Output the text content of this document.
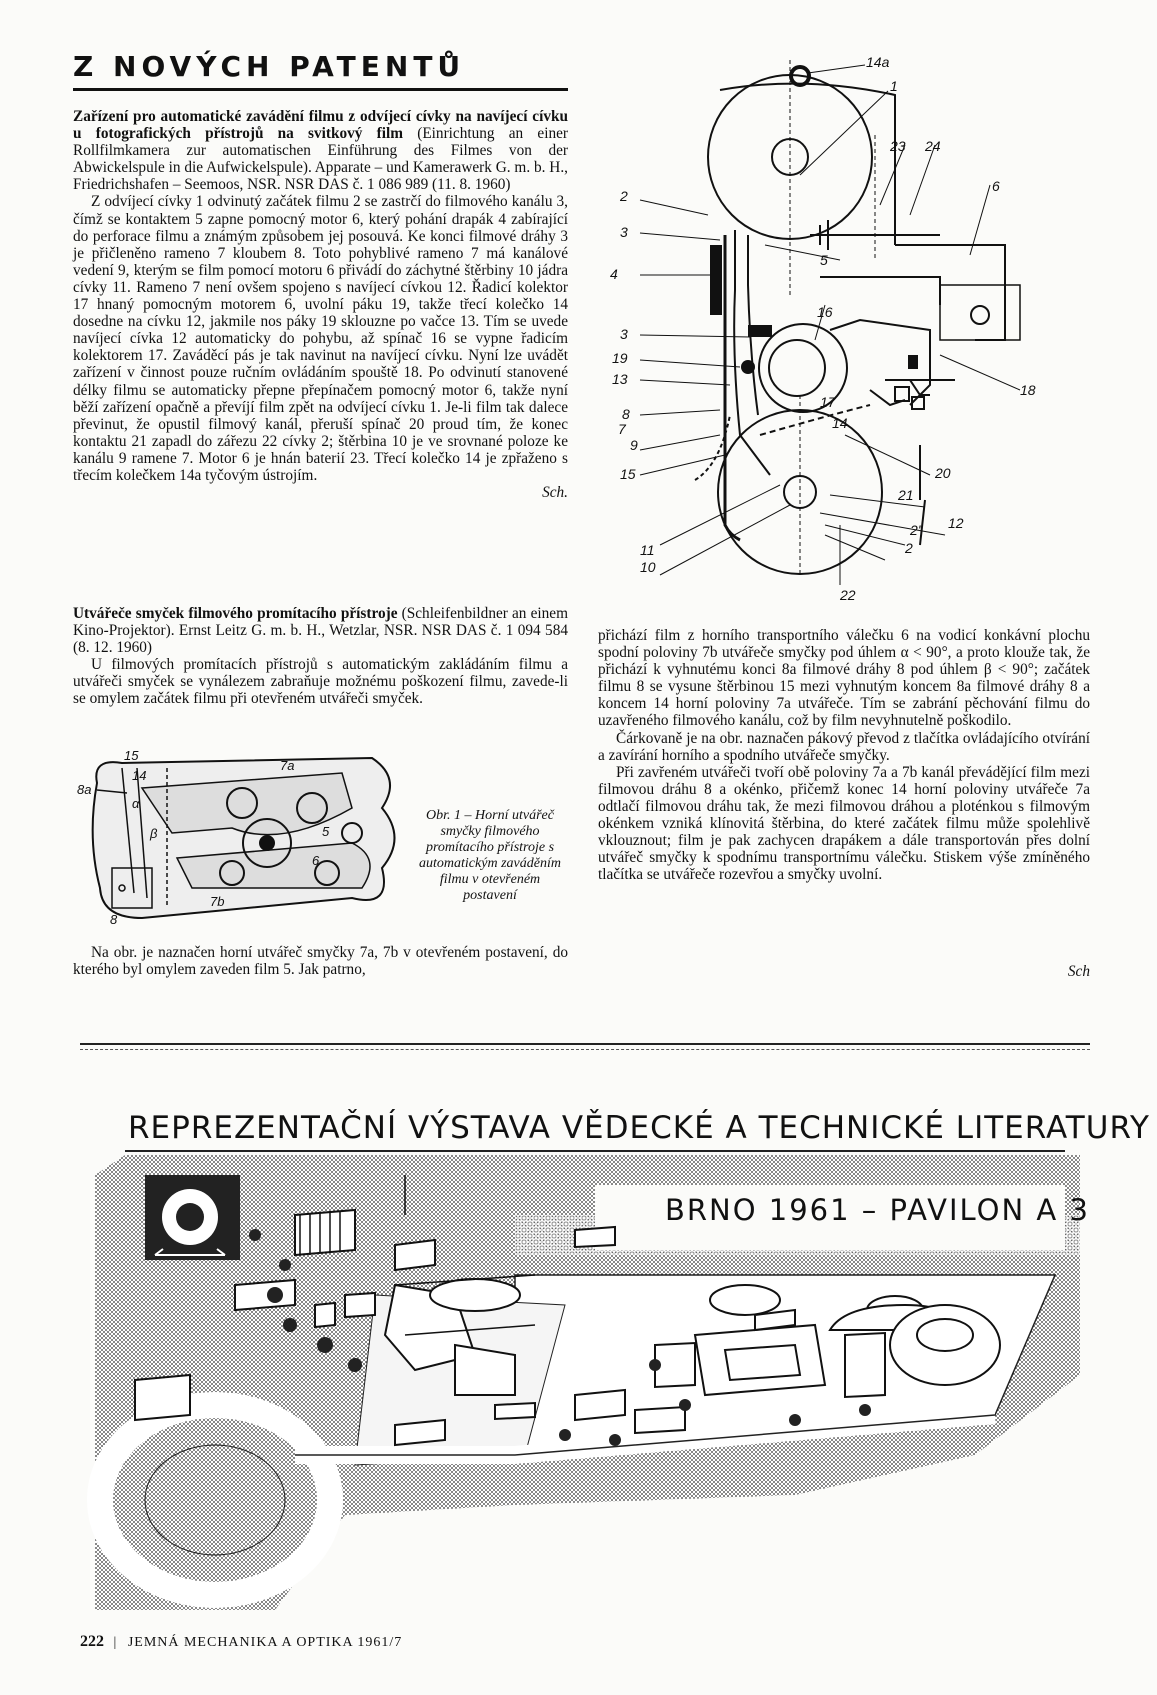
Z NOVÝCH PATENTŮ

Zařízení pro automatické zavádění filmu z odvíjecí cívky na navíjecí cívku u fotografických přístrojů na svitkový film (Einrichtung an einer Rollfilmkamera zur automatischen Einführung des Filmes von der Abwickelspule in die Aufwickelspule). Apparate – und Kamerawerk G. m. b. H., Friedrichshafen – Seemoos, NSR. NSR DAS č. 1 086 989 (11. 8. 1960)

Z odvíjecí cívky 1 odvinutý začátek filmu 2 se zastrčí do filmového kanálu 3, čímž se kontaktem 5 zapne pomocný motor 6, který pohání drapák 4 zabírající do perforace filmu a známým způsobem jej posouvá. Ke konci filmové dráhy 3 je přičleněno rameno 7 kloubem 8. Toto pohyblivé rameno 7 má kanálové vedení 9, kterým se film pomocí motoru 6 přivádí do záchytné štěrbiny 10 jádra cívky 11. Rameno 7 není ovšem spojeno s navíjecí cívkou 12. Řadicí kolektor 17 hnaný pomocným motorem 6, uvolní páku 19, takže třecí kolečko 14 dosedne na cívku 12, jakmile nos páky 19 sklouzne po vačce 13. Tím se uvede navíjecí cívka 12 automaticky do pohybu, až spínač 16 se vypne řadicím kolektorem 17. Zaváděcí pás je tak navinut na navíjecí cívku. Nyní lze uvádět zařízení v činnost pouze ručním ovládáním spouště 18. Po odvinutí stanovené délky filmu se automaticky přepne přepínačem pomocný motor 6, takže nyní běží zařízení opačně a převíjí film zpět na odvíjecí cívku 1. Je-li film tak dalece převinut, že opustil filmový kanál, přeruší spínač 20 proud tím, že konec kontaktu 21 zapadl do zářezu 22 cívky 2; štěrbina 10 je ve srovnané poloze ke kanálu 9 ramene 7. Motor 6 je hnán baterií 23. Třecí kolečko 14 je zpřaženo s třecím kolečkem 14a tyčovým ústrojím.

Sch.

Utvářeče smyček filmového promítacího přístroje (Schleifenbildner an einem Kino-Projektor). Ernst Leitz G. m. b. H., Wetzlar, NSR. NSR DAS č. 1 094 584 (8. 12. 1960)

U filmových promítacích přístrojů s automatickým zakládáním filmu a utvářeči smyček se vynálezem zabraňuje možnému poškození filmu, zavede-li se omylem začátek filmu při otevřeném utvářeči smyček.

Na obr. je naznačen horní utvářeč smyčky 7a, 7b v otevřeném postavení, do kterého byl omylem zaveden film 5. Jak patrno,

14a
1
23 24
6
2
3
4
5
3
19
13
16
8
7
9
15
17
14
18
20
21
12
2'
2
11
10
22
15
14
7a
8a
α
β	5
6
7b
8
Obr. 1 – Horní utvářeč smyčky filmového promítacího přístroje s automatickým zaváděním filmu v otevřeném postavení

přichází film z horního transportního válečku 6 na vodicí konkávní plochu spodní poloviny 7b utvářeče smyčky pod úhlem α < 90°, a proto klouže tak, že přichází k vyhnutému konci 8a filmové dráhy 8 pod úhlem β < 90°; začátek filmu 8 se vysune štěrbinou 15 mezi vyhnutým koncem 8a filmové dráhy 8 a koncem 14 horní poloviny 7a utvářeče. Tím se zabrání pěchování filmu do uzavřeného filmového kanálu, což by film nevyhnutelně poškodilo.

Čárkovaně je na obr. naznačen pákový převod z tlačítka ovládajícího otvírání a zavírání horního a spodního utvářeče smyčky.

Při zavřeném utvářeči tvoří obě poloviny 7a a 7b kanál převádějící film mezi filmovou dráhu 8 a okénko, přičemž konec 14 horní poloviny utvářeče 7a odtlačí filmovou dráhu tak, že mezi filmovou dráhou a ploténkou s filmovým okénkem vzniká klínovitá štěrbina, do které začátek filmu může spolehlivě vklouznout; film je pak zachycen drapákem a dále transportován přes dolní utvářeč smyčky k spodnímu transportnímu válečku. Stiskem výše zmíněného tlačítka se utvářeče rozevřou a smyčky uvolní.

Sch

REPREZENTAČNÍ VÝSTAVA VĚDECKÉ A TECHNICKÉ LITERATURY
BRNO 1961 – PAVILON A 3
222 | JEMNÁ MECHANIKA A OPTIKA 1961/7
